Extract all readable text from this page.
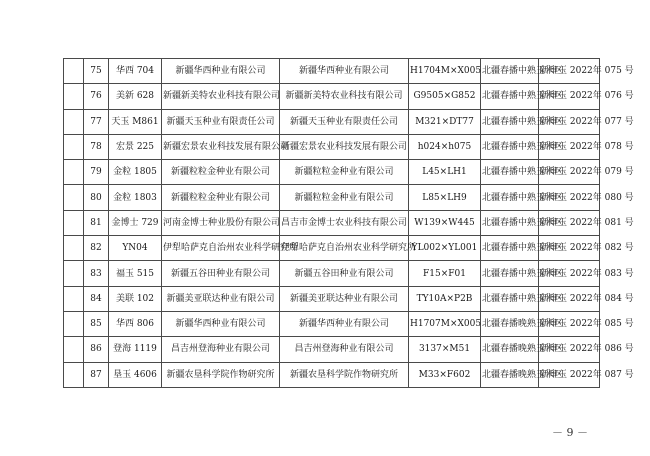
	75	华西 704	新疆华西种业有限公司	新疆华西种业有限公司	H1704M×X005	北疆春播中熟玉米区	新审玉 2022年 075 号
	76	美新 628	新疆新美特农业科技有限公司	新疆新美特农业科技有限公司	G9505×G852	北疆春播中熟玉米区	新审玉 2022年 076 号
	77	天玉 M861	新疆天玉种业有限责任公司	新疆天玉种业有限责任公司	M321×DT77	北疆春播中熟玉米区	新审玉 2022年 077 号
	78	宏景 225	新疆宏景农业科技发展有限公司	新疆宏景农业科技发展有限公司	h024×h075	北疆春播中熟玉米区	新审玉 2022年 078 号
	79	金粒 1805	新疆粒粒金种业有限公司	新疆粒粒金种业有限公司	L45×LH1	北疆春播中熟玉米区	新审玉 2022年 079 号
	80	金粒 1803	新疆粒粒金种业有限公司	新疆粒粒金种业有限公司	L85×LH9	北疆春播中熟玉米区	新审玉 2022年 080 号
	81	金博士 729	河南金博士种业股份有限公司	昌吉市金博士农业科技有限公司	W139×W445	北疆春播中熟玉米区	新审玉 2022年 081 号
	82	YN04	伊犁哈萨克自治州农业科学研究所	伊犁哈萨克自治州农业科学研究所	YL002×YL001	北疆春播中熟玉米区	新审玉 2022年 082 号
	83	福玉 515	新疆五谷田种业有限公司	新疆五谷田种业有限公司	F15×F01	北疆春播中熟玉米区	新审玉 2022年 083 号
	84	美联 102	新疆美亚联达种业有限公司	新疆美亚联达种业有限公司	TY10A×P2B	北疆春播中熟玉米区	新审玉 2022年 084 号
	85	华西 806	新疆华西种业有限公司	新疆华西种业有限公司	H1707M×X005	北疆春播晚熟玉米区	新审玉 2022年 085 号
	86	登海 1119	昌吉州登海种业有限公司	昌吉州登海种业有限公司	3137×M51	北疆春播晚熟玉米区	新审玉 2022年 086 号
	87	垦玉 4606	新疆农垦科学院作物研究所	新疆农垦科学院作物研究所	M33×F602	北疆春播晚熟玉米区	新审玉 2022年 087 号
－ 9 －
